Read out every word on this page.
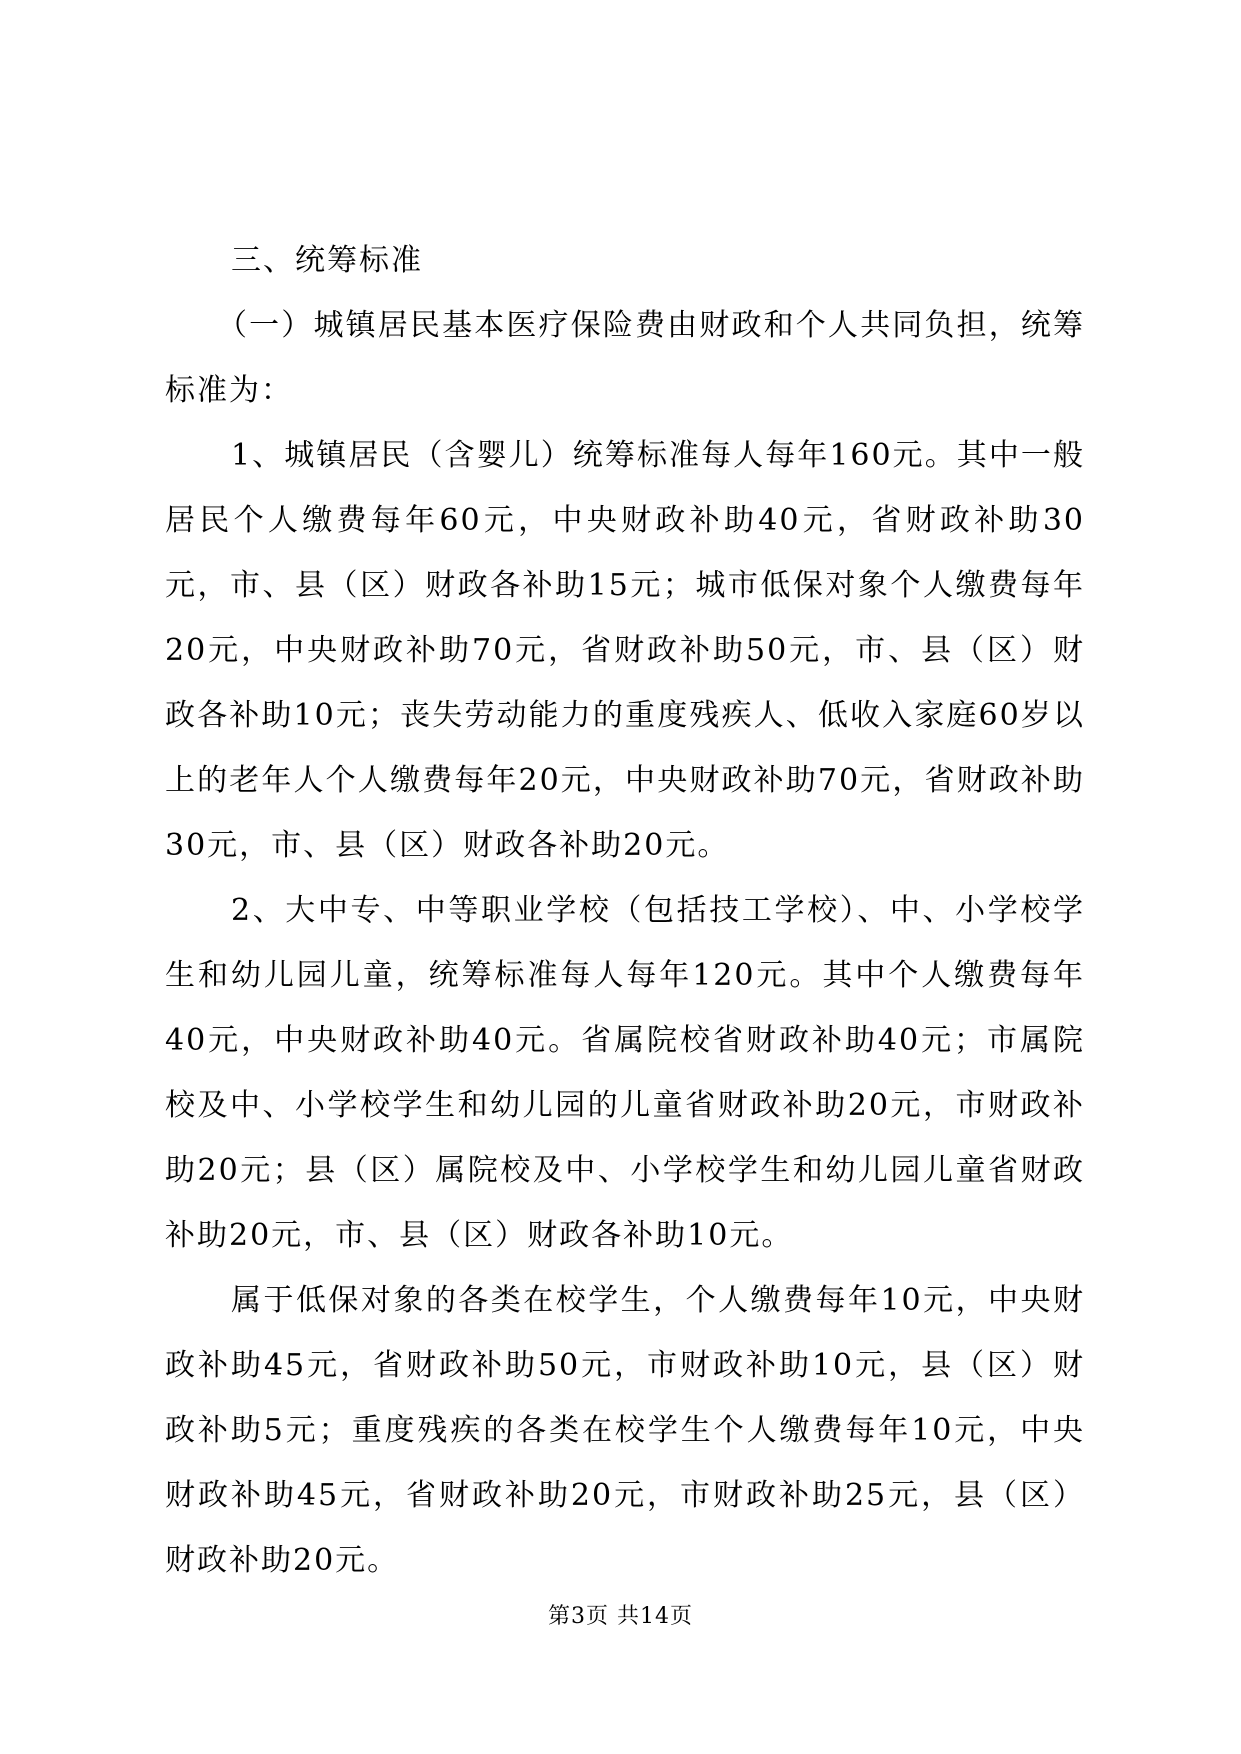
三、统筹标准

（一）城镇居民基本医疗保险费由财政和个人共同负担，统筹标准为：

1、城镇居民（含婴儿）统筹标准每人每年160元。其中一般居民个人缴费每年60元，中央财政补助40元，省财政补助30元，市、县（区）财政各补助15元；城市低保对象个人缴费每年20元，中央财政补助70元，省财政补助50元，市、县（区）财政各补助10元；丧失劳动能力的重度残疾人、低收入家庭60岁以上的老年人个人缴费每年20元，中央财政补助70元，省财政补助30元，市、县（区）财政各补助20元。

2、大中专、中等职业学校（包括技工学校）、中、小学校学生和幼儿园儿童，统筹标准每人每年120元。其中个人缴费每年40元，中央财政补助40元。省属院校省财政补助40元；市属院校及中、小学校学生和幼儿园的儿童省财政补助20元，市财政补助20元；县（区）属院校及中、小学校学生和幼儿园儿童省财政补助20元，市、县（区）财政各补助10元。

属于低保对象的各类在校学生，个人缴费每年10元，中央财政补助45元，省财政补助50元，市财政补助10元，县（区）财政补助5元；重度残疾的各类在校学生个人缴费每年10元，中央财政补助45元，省财政补助20元，市财政补助25元，县（区）财政补助20元。

第3页 共14页
